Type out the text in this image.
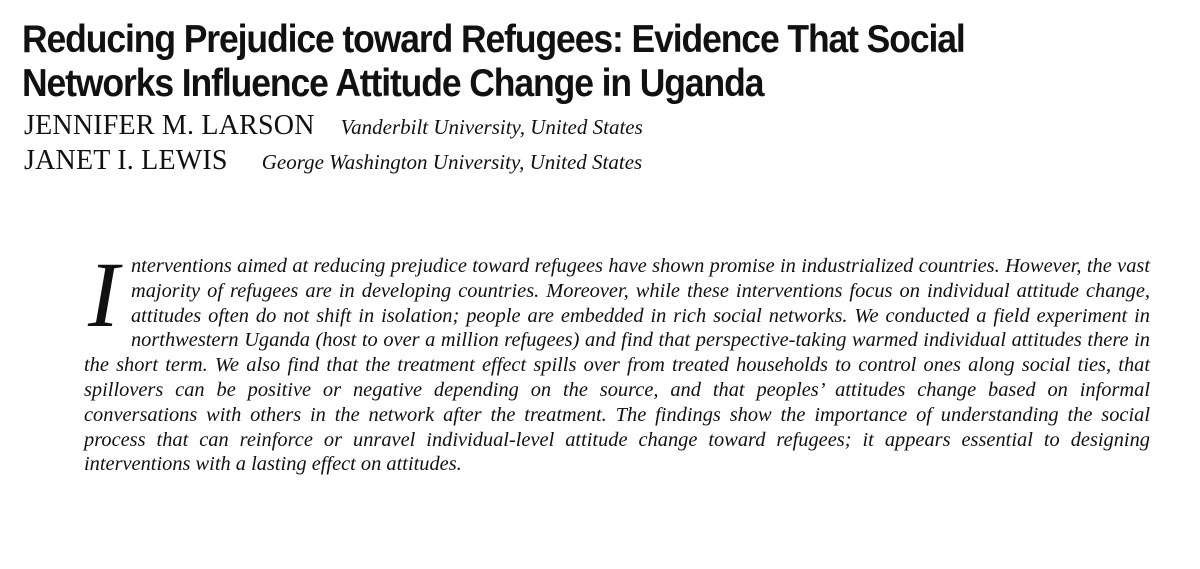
Reducing Prejudice toward Refugees: Evidence That Social
Networks Influence Attitude Change in Uganda
JENNIFER M. LARSON Vanderbilt University, United States
JANET I. LEWIS George Washington University, United States

Interventions aimed at reducing prejudice toward refugees have shown promise in industrialized countries. However, the vast majority of refugees are in developing countries. Moreover, while these interventions focus on individual attitude change, attitudes often do not shift in isolation; people are embedded in rich social networks. We conducted a field experiment in northwestern Uganda (host to over a million refugees) and find that perspective-taking warmed individual attitudes there in the short term. We also find that the treatment effect spills over from treated households to control ones along social ties, that spillovers can be positive or negative depending on the source, and that peoples’ attitudes change based on informal conversations with others in the network after the treatment. The findings show the importance of understanding the social process that can reinforce or unravel individual-level attitude change toward refugees; it appears essential to designing interventions with a lasting effect on attitudes.
